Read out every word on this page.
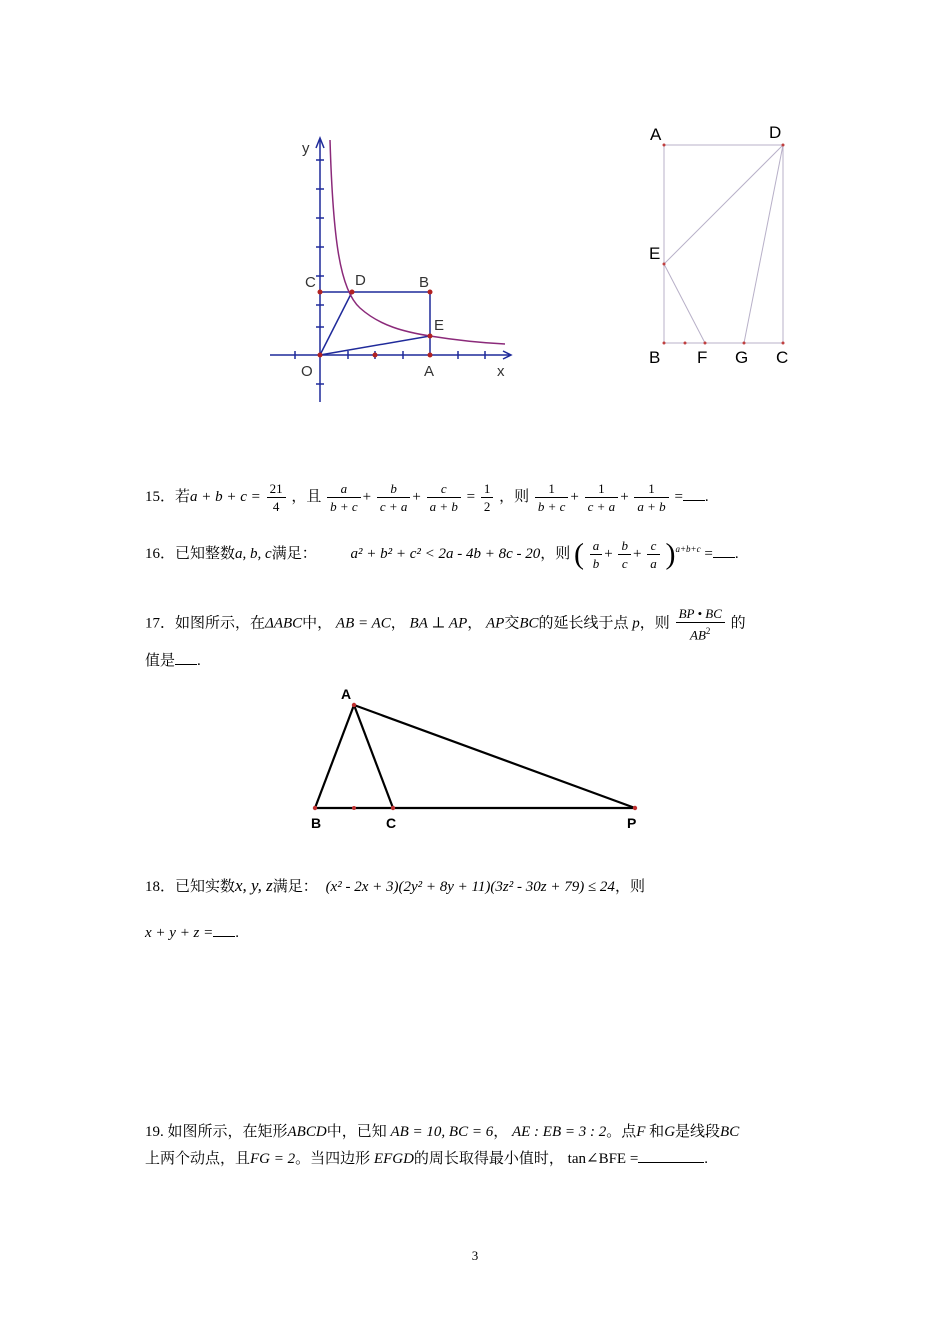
y
C	D	B
E
O	A	x
A	D
E
B F G C
15．若$a + b + c = \frac{21}{4}$ ，且 $\frac{a}{b + c} + \frac{b}{c + a} + \frac{c}{a + b} = \frac{1}{2}$ ，则 $\frac{1}{b + c} + \frac{1}{c + a} + \frac{1}{a + b}$ = .
16．已知整数a, b, c满足： a² + b² + c² < 2a - 4b + 8c - 20，则 ( $\frac{a}{b} + \frac{b}{c} + \frac{c}{a} )^{a+b+c}$ = .
17．如图所示，在ΔABC中， AB = AC， BA ⊥ AP， AP交BC的延长线于点 p，则 $\frac{BP • BC}{AB^2}$ 的
值是 .
A
B	C	P
18．已知实数x, y, z满足： (x² - 2x + 3)(2y² + 8y + 11)(3z² - 30z + 79) ≤ 24，则
x + y + z = .
19. 如图所示，在矩形ABCD中，已知 AB = 10, BC = 6， AE : EB = 3 : 2。点F 和G是线段BC
上两个动点，且FG = 2。当四边形 EFGD的周长取得最小值时， tan∠BFE =	.
3
